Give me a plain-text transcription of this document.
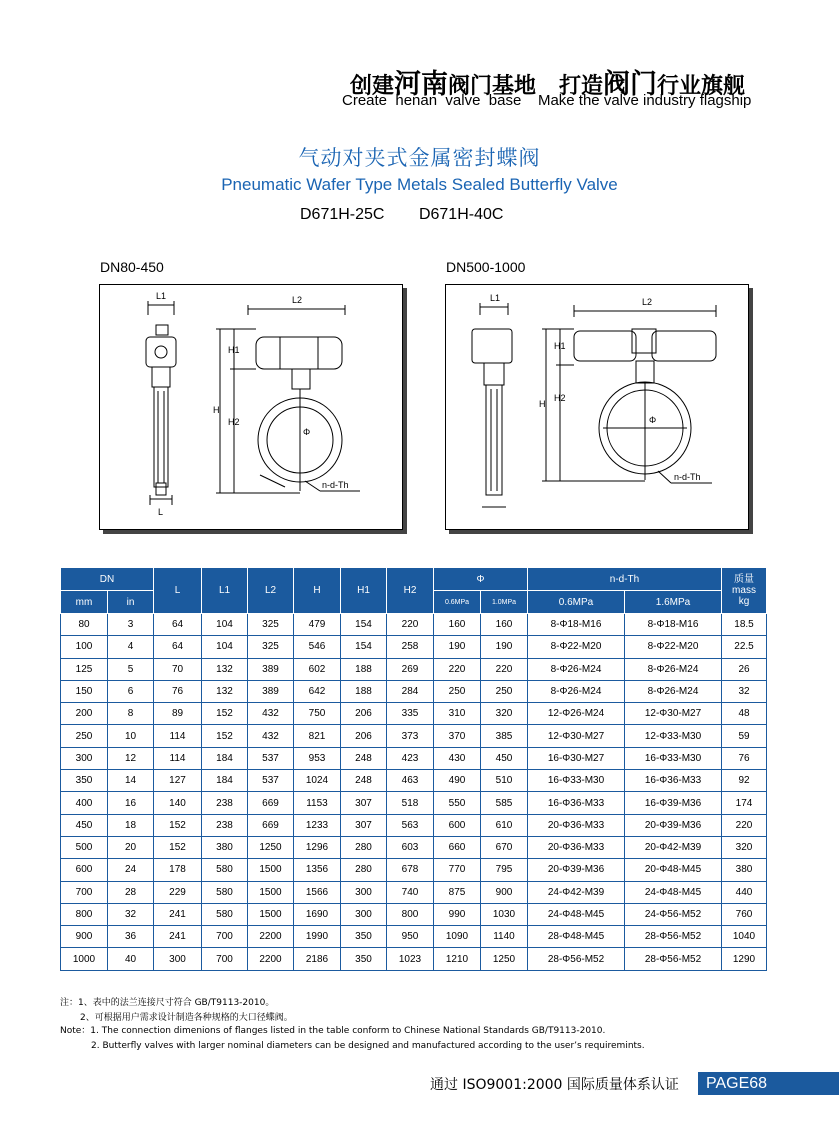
创建河南阀门基地 打造阀门行业旗舰
Create  henan  valve  base    Make the valve industry flagship
气动对夹式金属密封蝶阀
Pneumatic Wafer Type Metals Sealed Butterfly Valve
D671H-25C D671H-40C
DN80-450	DN500-1000
L1	L2
H
H1
H2
L
Φ
n-d-Th
L1	L2
H
H1
H2
Φ
n-d-Th
DN		L	L1	L2	H	H1	H2	Φ		n-d-Th		质量
mass
kg

mm	in							0.6MPa	1.0MPa	0.6MPa	1.6MPa	
80	3	64	104	325	479	154	220	160	160	8-Φ18-M16	8-Φ18-M16	18.5
100	4	64	104	325	546	154	258	190	190	8-Φ22-M20	8-Φ22-M20	22.5
125	5	70	132	389	602	188	269	220	220	8-Φ26-M24	8-Φ26-M24	26
150	6	76	132	389	642	188	284	250	250	8-Φ26-M24	8-Φ26-M24	32
200	8	89	152	432	750	206	335	310	320	12-Φ26-M24	12-Φ30-M27	48
250	10	114	152	432	821	206	373	370	385	12-Φ30-M27	12-Φ33-M30	59
300	12	114	184	537	953	248	423	430	450	16-Φ30-M27	16-Φ33-M30	76
350	14	127	184	537	1024	248	463	490	510	16-Φ33-M30	16-Φ36-M33	92
400	16	140	238	669	1153	307	518	550	585	16-Φ36-M33	16-Φ39-M36	174
450	18	152	238	669	1233	307	563	600	610	20-Φ36-M33	20-Φ39-M36	220
500	20	152	380	1250	1296	280	603	660	670	20-Φ36-M33	20-Φ42-M39	320
600	24	178	580	1500	1356	280	678	770	795	20-Φ39-M36	20-Φ48-M45	380
700	28	229	580	1500	1566	300	740	875	900	24-Φ42-M39	24-Φ48-M45	440
800	32	241	580	1500	1690	300	800	990	1030	24-Φ48-M45	24-Φ56-M52	760
900	36	241	700	2200	1990	350	950	1090	1140	28-Φ48-M45	28-Φ56-M52	1040
1000	40	300	700	2200	2186	350	1023	1210	1250	28-Φ56-M52	28-Φ56-M52	1290
注：1、表中的法兰连接尺寸符合 GB/T9113-2010。
2、可根据用户需求设计制造各种规格的大口径蝶阀。
Note：1. The connection dimenions of flanges listed in the table conform to Chinese National Standards GB/T9113-2010.
2. Butterfly valves with larger nominal diameters can be designed and manufactured according to the user’s requiremints.
通过 ISO9001:2000 国际质量体系认证	PAGE68
